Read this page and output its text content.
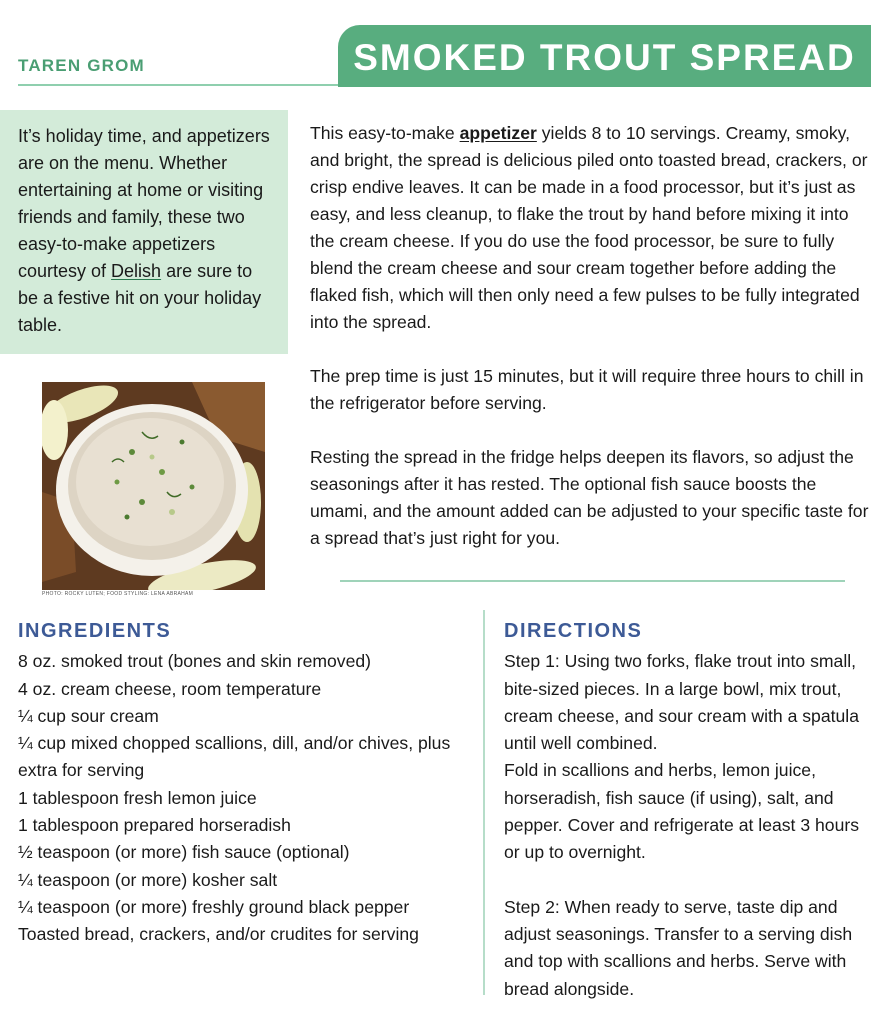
TAREN GROM	SMOKED TROUT SPREAD
It’s holiday time, and appetizers are on the menu. Whether entertaining at home or visiting friends and family, these two easy-to-make appetizers courtesy of Delish are sure to be a festive hit on your holiday table.

This easy-to-make appetizer yields 8 to 10 servings. Creamy, smoky, and bright, the spread is delicious piled onto toasted bread, crackers, or crisp endive leaves. It can be made in a food processor, but it’s just as easy, and less cleanup, to flake the trout by hand before mixing it into the cream cheese. If you do use the food processor, be sure to fully blend the cream cheese and sour cream together before adding the flaked fish, which will then only need a few pulses to be fully integrated into the spread.

The prep time is just 15 minutes, but it will require three hours to chill in the refrigerator before serving.

Resting the spread in the fridge helps deepen its flavors, so adjust the seasonings after it has rested. The optional fish sauce boosts the umami, and the amount added can be adjusted to your specific taste for a spread that’s just right for you.

PHOTO: ROCKY LUTEN; FOOD STYLING: LENA ABRAHAM
INGREDIENTS
8 oz. smoked trout (bones and skin removed)
4 oz. cream cheese, room temperature
¼ cup sour cream
¼ cup mixed chopped scallions, dill, and/or chives, plus extra for serving
1 tablespoon fresh lemon juice
1 tablespoon prepared horseradish
½ teaspoon (or more) fish sauce (optional)
¼ teaspoon (or more) kosher salt
¼ teaspoon (or more) freshly ground black pepper
Toasted bread, crackers, and/or crudites for serving
DIRECTIONS
Step 1: Using two forks, flake trout into small, bite-sized pieces. In a large bowl, mix trout, cream cheese, and sour cream with a spatula until well combined.
Fold in scallions and herbs, lemon juice, horseradish, fish sauce (if using), salt, and pepper. Cover and refrigerate at least 3 hours or up to overnight.
Step 2: When ready to serve, taste dip and adjust seasonings. Transfer to a serving dish and top with scallions and herbs. Serve with bread alongside.
